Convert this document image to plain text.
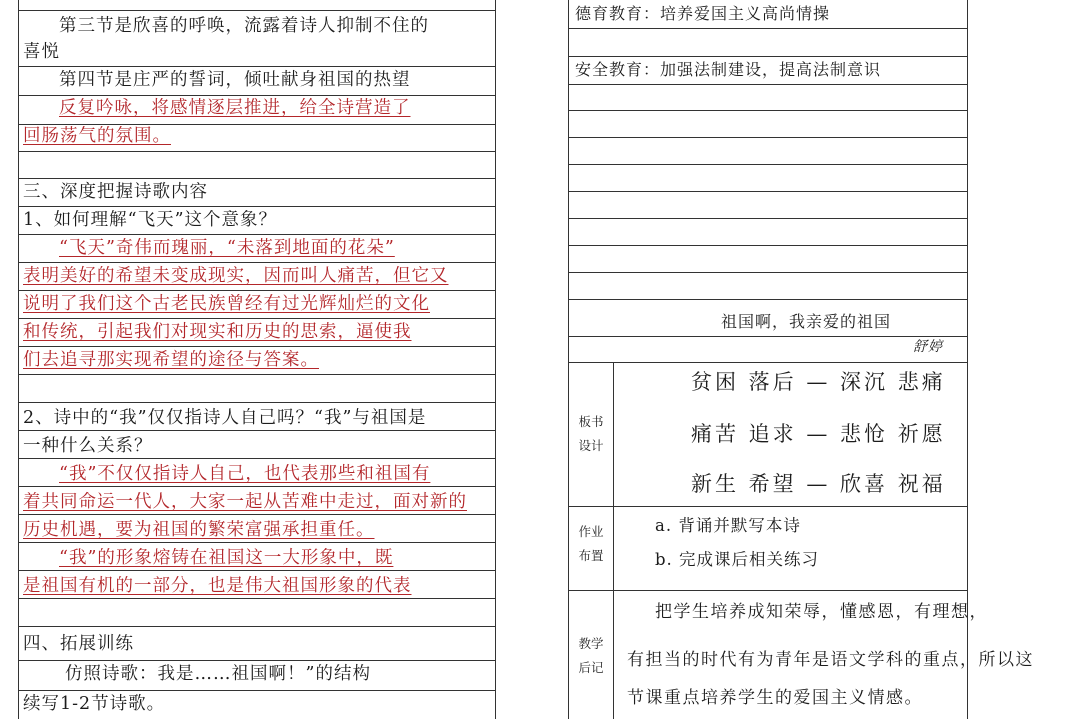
第三节是欣喜的呼唤，流露着诗人抑制不住的
喜悦
第四节是庄严的誓词，倾吐献身祖国的热望
反复吟咏，将感情逐层推进，给全诗营造了
回肠荡气的氛围。
三、深度把握诗歌内容
1、如何理解“飞天”这个意象？
“飞天”奇伟而瑰丽，“未落到地面的花朵”
表明美好的希望未变成现实，因而叫人痛苦，但它又
说明了我们这个古老民族曾经有过光辉灿烂的文化
和传统，引起我们对现实和历史的思索，逼使我
们去追寻那实现希望的途径与答案。
2、诗中的“我”仅仅指诗人自己吗？“我”与祖国是
一种什么关系？
“我”不仅仅指诗人自己，也代表那些和祖国有
着共同命运一代人，大家一起从苦难中走过，面对新的
历史机遇，要为祖国的繁荣富强承担重任。
“我”的形象熔铸在祖国这一大形象中，既
是祖国有机的一部分，也是伟大祖国形象的代表
四、拓展训练
仿照诗歌：我是……祖国啊！”的结构
续写1-2节诗歌。
德育教育：培养爱国主义高尚情操
安全教育：加强法制建设，提高法制意识
祖国啊，我亲爱的祖国
舒婷
板书
设计
贫困 落后 — 深沉 悲痛
痛苦 追求 — 悲怆 祈愿
新生 希望 — 欣喜 祝福
作业
布置
a. 背诵并默写本诗
b. 完成课后相关练习
教学
后记
把学生培养成知荣辱，懂感恩，有理想，
有担当的时代有为青年是语文学科的重点，所以这
节课重点培养学生的爱国主义情感。
